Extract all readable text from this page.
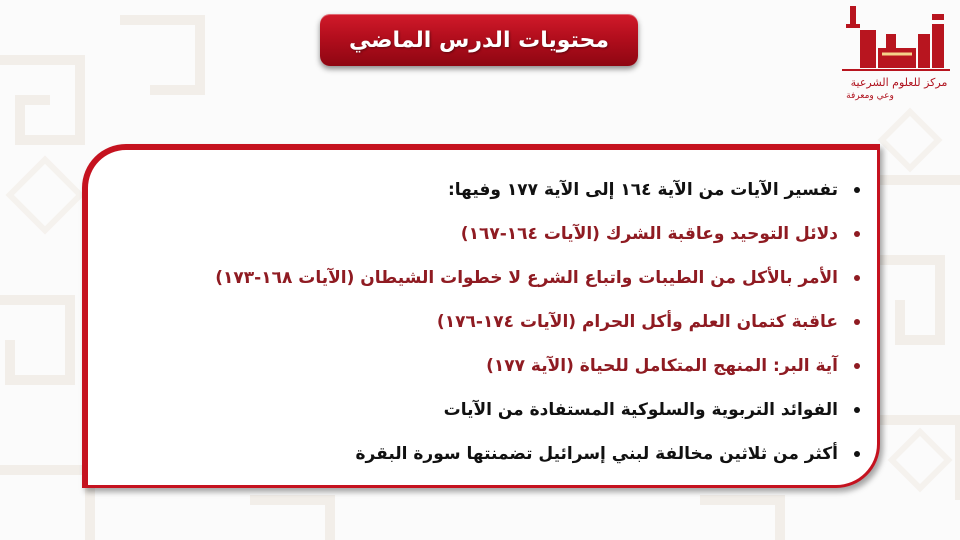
محتويات الدرس الماضي
مركز للعلوم الشرعية
وعي ومعرفة
تفسير الآيات من الآية ١٦٤ إلى الآية ١٧٧ وفيها:
دلائل التوحيد وعاقبة الشرك (الآيات ١٦٤-١٦٧)
الأمر بالأكل من الطيبات واتباع الشرع لا خطوات الشيطان (الآيات ١٦٨-١٧٣)
عاقبة كتمان العلم وأكل الحرام (الآيات ١٧٤-١٧٦)
آية البر: المنهج المتكامل للحياة (الآية ١٧٧)
الفوائد التربوية والسلوكية المستفادة من الآيات
أكثر من ثلاثين مخالفة لبني إسرائيل تضمنتها سورة البقرة
